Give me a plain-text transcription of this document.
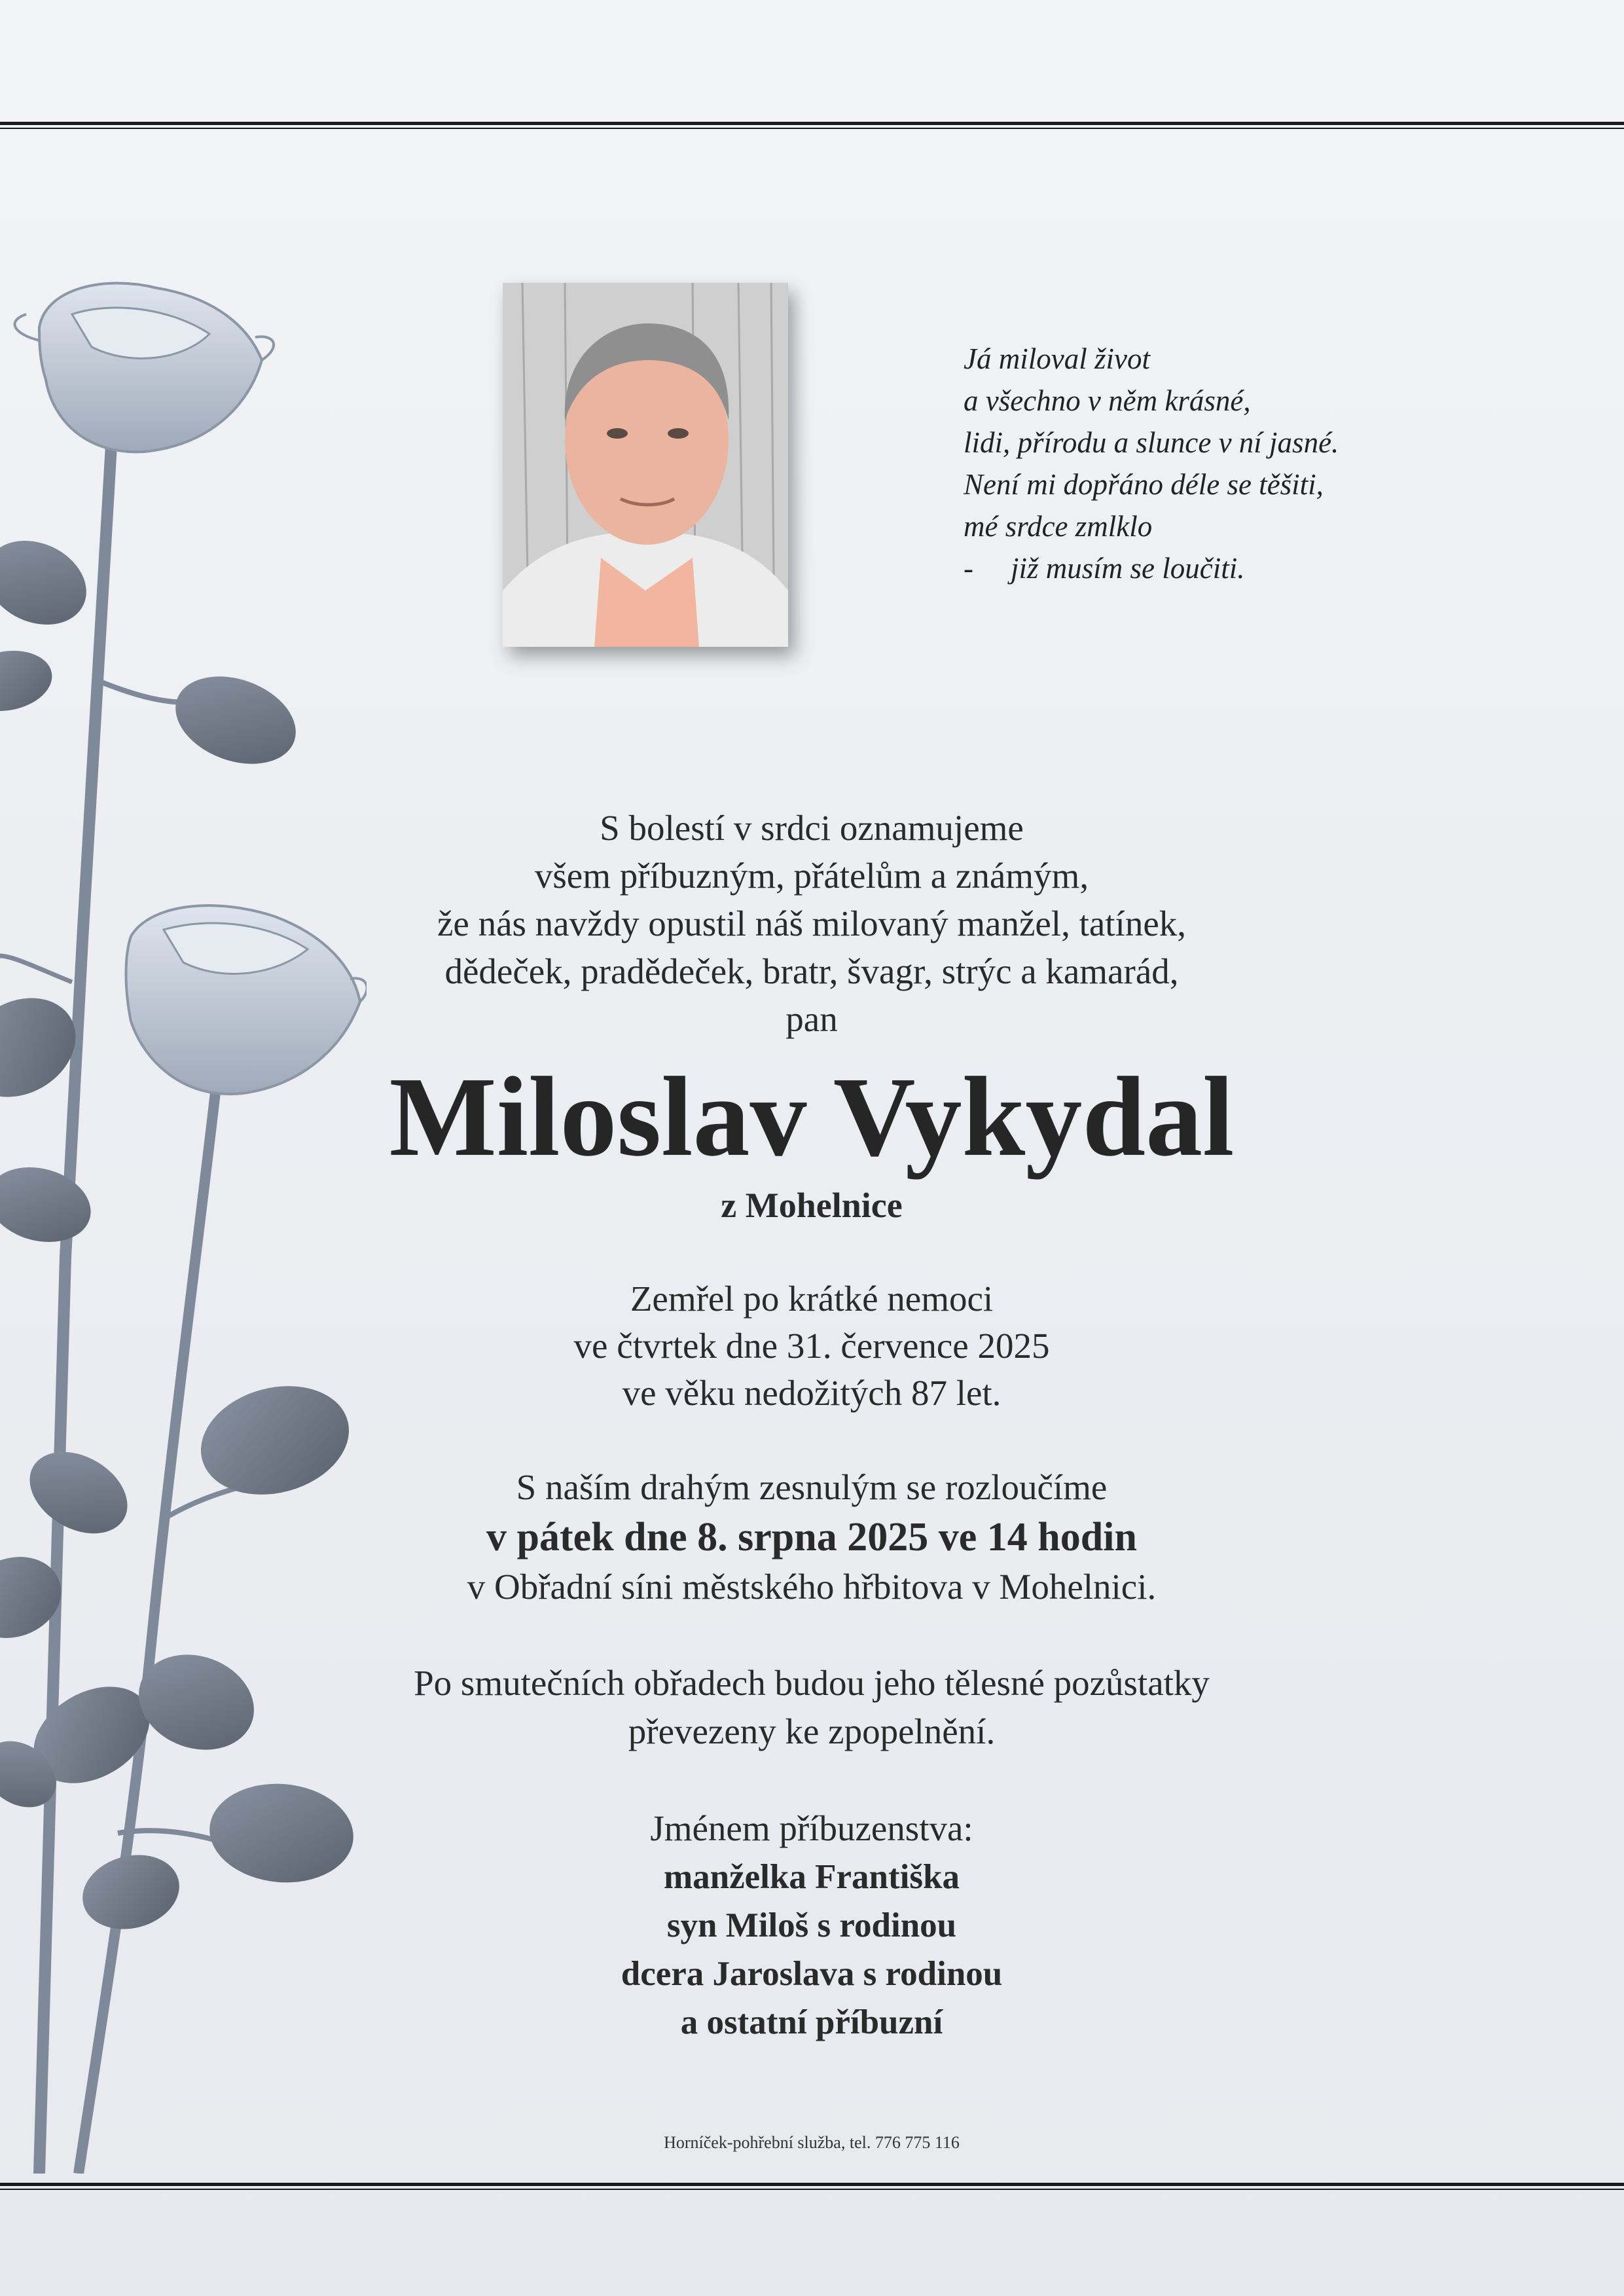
Já miloval život
a všechno v něm krásné,
lidi, přírodu a slunce v ní jasné.
Není mi dopřáno déle se těšiti,
mé srdce zmlklo
- již musím se loučiti.
S bolestí v srdci oznamujeme
všem příbuzným, přátelům a známým,
že nás navždy opustil náš milovaný manžel, tatínek,
dědeček, pradědeček, bratr, švagr, strýc a kamarád,
pan
Miloslav Vykydal
z Mohelnice
Zemřel po krátké nemoci
ve čtvrtek dne 31. července 2025
ve věku nedožitých 87 let.
S naším drahým zesnulým se rozloučíme
v pátek dne 8. srpna 2025 ve 14 hodin
v Obřadní síni městského hřbitova v Mohelnici.
Po smutečních obřadech budou jeho tělesné pozůstatky
převezeny ke zpopelnění.
Jménem příbuzenstva:
manželka Františka
syn Miloš s rodinou
dcera Jaroslava s rodinou
a ostatní příbuzní
Horníček-pohřební služba, tel. 776 775 116
